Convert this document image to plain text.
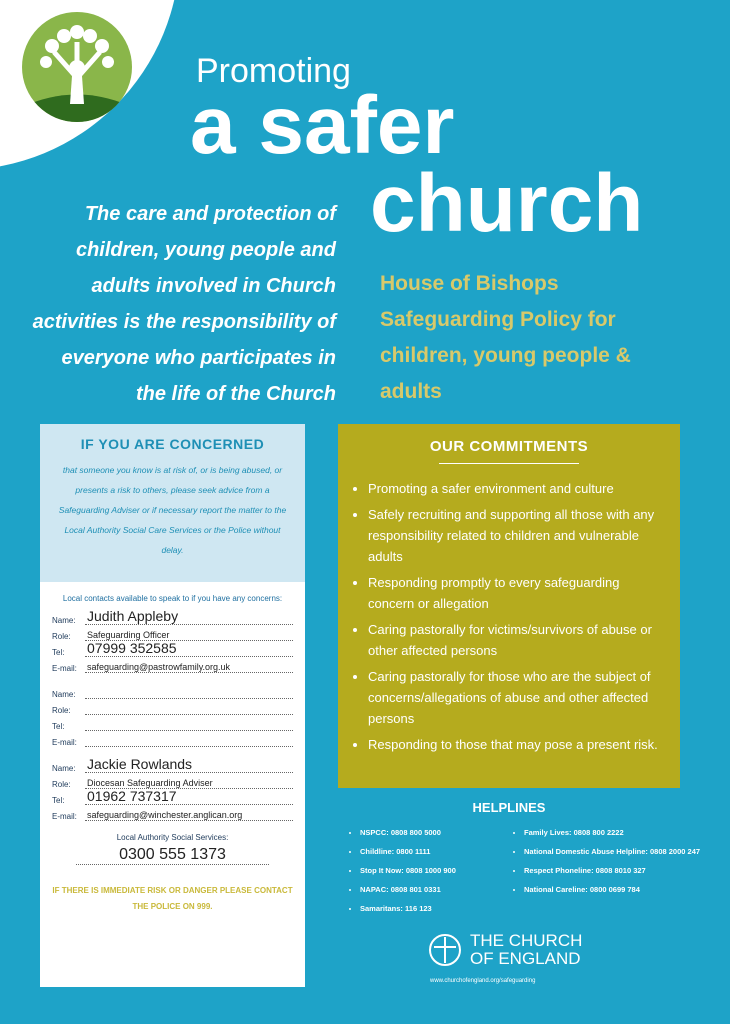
Promoting
a safer
church
The care and protection of children, young people and adults involved in Church activities is the responsibility of everyone who participates in the life of the Church
House of Bishops Safeguarding Policy for children, young people & adults
IF YOU ARE CONCERNED
that someone you know is at risk of, or is being abused, or presents a risk to others, please seek advice from a Safeguarding Adviser or if necessary report the matter to the Local Authority Social Care Services or the Police without delay.
Local contacts available to speak to if you have any concerns:
Name: Judith Appleby
Role:	Safeguarding Officer
Tel:	07999 352585
E-mail:	safeguarding@pastrowfamily.org.uk
Name:
Role:
Tel:
E-mail:
Name: Jackie Rowlands
Role:	Diocesan Safeguarding Adviser
Tel:	01962 737317
E-mail:	safeguarding@winchester.anglican.org
Local Authority Social Services:
0300 555 1373
IF THERE IS IMMEDIATE RISK OR DANGER PLEASE CONTACT THE POLICE ON 999.
OUR COMMITMENTS
• Promoting a safer environment and culture
• Safely recruiting and supporting all those with any responsibility related to children and vulnerable adults
• Responding promptly to every safeguarding concern or allegation
• Caring pastorally for victims/survivors of abuse or other affected persons
• Caring pastorally for those who are the subject of concerns/allegations of abuse and other affected persons
• Responding to those that may pose a present risk.
HELPLINES
• NSPCC: 0808 800 5000
• Childline: 0800 1111
• Stop It Now: 0808 1000 900
• NAPAC: 0808 801 0331
• Samaritans: 116 123
• Family Lives: 0808 800 2222
• National Domestic Abuse Helpline: 0808 2000 247
• Respect Phoneline: 0808 8010 327
• National Careline: 0800 0699 784
THE CHURCH
OF ENGLAND
www.churchofengland.org/safeguarding
